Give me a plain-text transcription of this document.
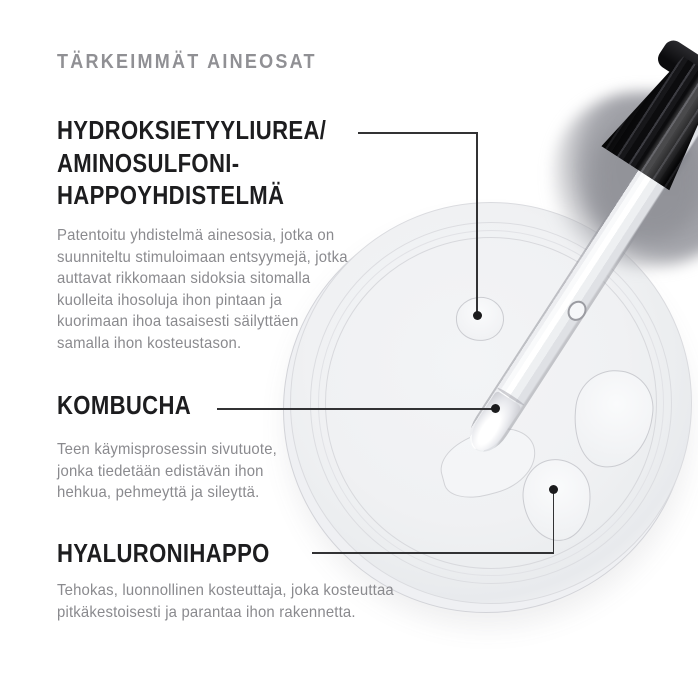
TÄRKEIMMÄT AINEOSAT
HYDROKSIETYYLIUREA/
AMINOSULFONI-
HAPPOYHDISTELMÄ
Patentoitu yhdistelmä ainesosia, jotka on
suunniteltu stimuloimaan entsyymejä, jotka
auttavat rikkomaan sidoksia sitomalla
kuolleita ihosoluja ihon pintaan ja
kuorimaan ihoa tasaisesti säilyttäen
samalla ihon kosteustason.
KOMBUCHA
Teen käymisprosessin sivutuote,
jonka tiedetään edistävän ihon
hehkua, pehmeyttä ja sileyttä.
HYALURONIHAPPO
Tehokas, luonnollinen kosteuttaja, joka kosteuttaa
pitkäkestoisesti ja parantaa ihon rakennetta.
